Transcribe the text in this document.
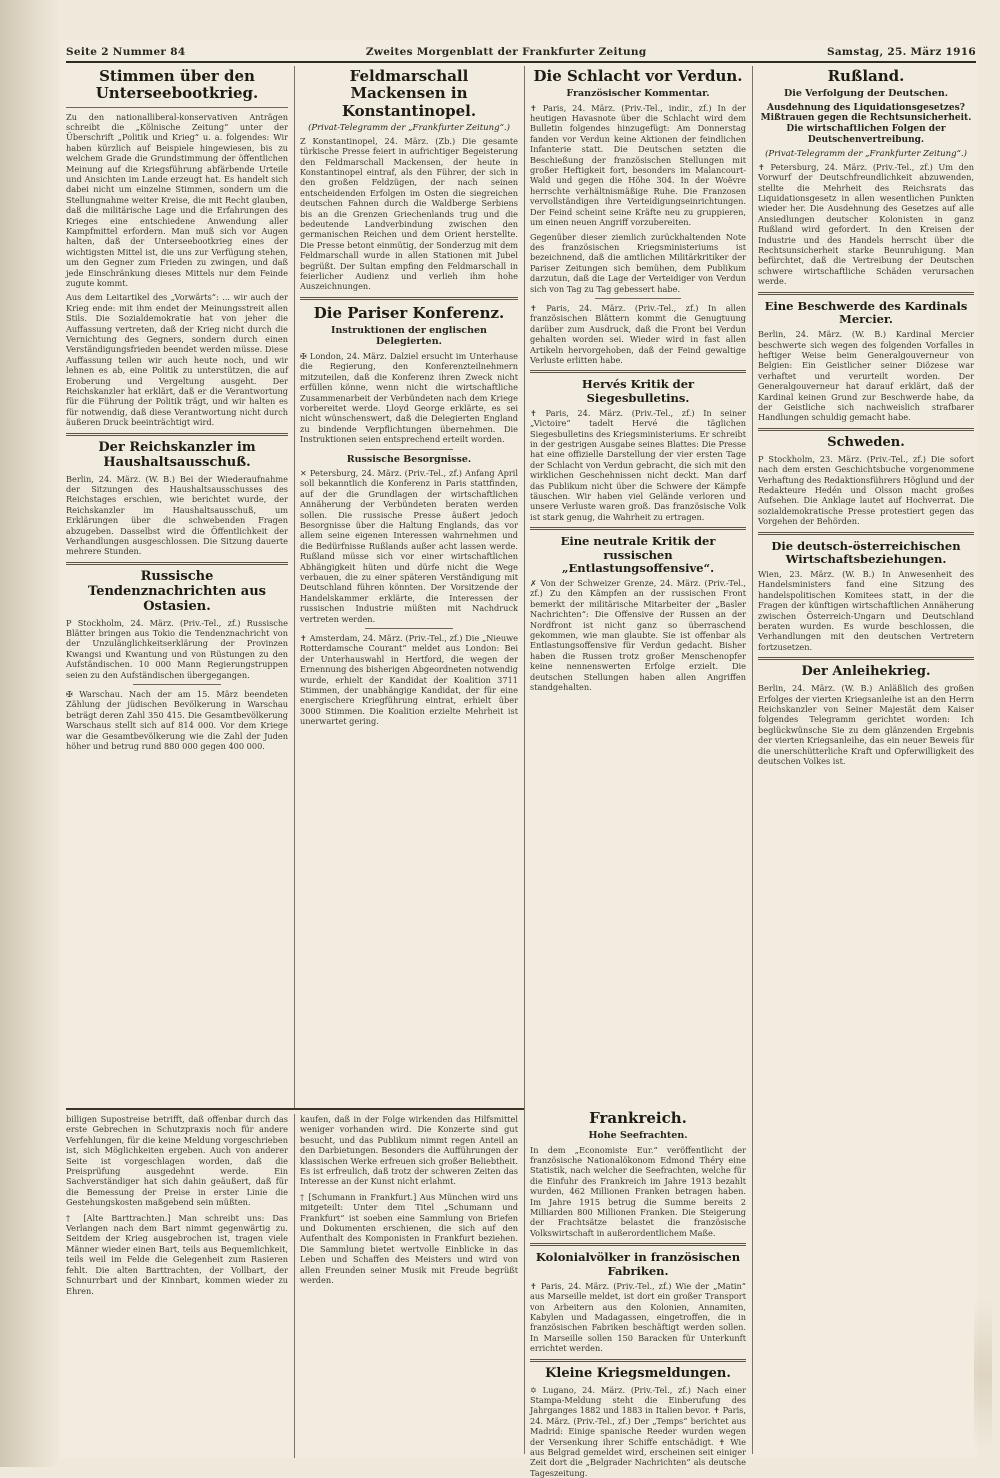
Seite 2 Nummer 84	Zweites Morgenblatt der Frankfurter Zeitung	Samstag, 25. März 1916
Stimmen über den Unterseebootkrieg.

Zu den nationalliberal-konservativen Anträgen schreibt die „Kölnische Zeitung“ unter der Überschrift „Politik und Krieg“ u. a. folgendes: Wir haben kürzlich auf Beispiele hingewiesen, bis zu welchem Grade die Grundstimmung der öffentlichen Meinung auf die Kriegsführung abfärbende Urteile und Ansichten im Lande erzeugt hat. Es handelt sich dabei nicht um einzelne Stimmen, sondern um die Stellungnahme weiter Kreise, die mit Recht glauben, daß die militärische Lage und die Erfahrungen des Krieges eine entschiedene Anwendung aller Kampfmittel erfordern. Man muß sich vor Augen halten, daß der Unterseebootkrieg eines der wichtigsten Mittel ist, die uns zur Verfügung stehen, um den Gegner zum Frieden zu zwingen, und daß jede Einschränkung dieses Mittels nur dem Feinde zugute kommt.

Aus dem Leitartikel des „Vorwärts“: ... wir auch der Krieg ende: mit ihm endet der Meinungsstreit allen Stils. Die Sozialdemokratie hat von jeher die Auffassung vertreten, daß der Krieg nicht durch die Vernichtung des Gegners, sondern durch einen Verständigungsfrieden beendet werden müsse. Diese Auffassung teilen wir auch heute noch, und wir lehnen es ab, eine Politik zu unterstützen, die auf Eroberung und Vergeltung ausgeht. Der Reichskanzler hat erklärt, daß er die Verantwortung für die Führung der Politik trägt, und wir halten es für notwendig, daß diese Verantwortung nicht durch äußeren Druck beeinträchtigt wird.

Der Reichskanzler im Haushaltsausschuß.

Berlin, 24. März. (W. B.) Bei der Wiederaufnahme der Sitzungen des Haushaltsausschusses des Reichstages erschien, wie berichtet wurde, der Reichskanzler im Haushaltsausschuß, um Erklärungen über die schwebenden Fragen abzugeben. Dasselbst wird die Öffentlichkeit der Verhandlungen ausgeschlossen. Die Sitzung dauerte mehrere Stunden.

Russische Tendenznachrichten aus Ostasien.

P Stockholm, 24. März. (Priv.-Tel., zf.) Russische Blätter bringen aus Tokio die Tendenznachricht von der Unzulänglichkeitserklärung der Provinzen Kwangsi und Kwantung und von Rüstungen zu den Aufständischen. 10 000 Mann Regierungstruppen seien zu den Aufständischen übergegangen.

✠ Warschau. Nach der am 15. März beendeten Zählung der jüdischen Bevölkerung in Warschau beträgt deren Zahl 350 415. Die Gesamtbevölkerung Warschaus stellt sich auf 814 000. Vor dem Kriege war die Gesamtbevölkerung wie die Zahl der Juden höher und betrug rund 880 000 gegen 400 000.

Feldmarschall Mackensen in Konstantinopel.
(Privat-Telegramm der „Frankfurter Zeitung“.)

Z Konstantinopel, 24. März. (Zb.) Die gesamte türkische Presse feiert in aufrichtiger Begeisterung den Feldmarschall Mackensen, der heute in Konstantinopel eintraf, als den Führer, der sich in den großen Feldzügen, der nach seinen entscheidenden Erfolgen im Osten die siegreichen deutschen Fahnen durch die Waldberge Serbiens bis an die Grenzen Griechenlands trug und die bedeutende Landverbindung zwischen den germanischen Reichen und dem Orient herstellte. Die Presse betont einmütig, der Sonderzug mit dem Feldmarschall wurde in allen Stationen mit Jubel begrüßt. Der Sultan empfing den Feldmarschall in feierlicher Audienz und verlieh ihm hohe Auszeichnungen.

Die Pariser Konferenz.
Instruktionen der englischen Delegierten.

✠ London, 24. März. Dalziel ersucht im Unterhause die Regierung, den Konferenzteilnehmern mitzuteilen, daß die Konferenz ihren Zweck nicht erfüllen könne, wenn nicht die wirtschaftliche Zusammenarbeit der Verbündeten nach dem Kriege vorbereitet werde. Lloyd George erklärte, es sei nicht wünschenswert, daß die Delegierten England zu bindende Verpflichtungen übernehmen. Die Instruktionen seien entsprechend erteilt worden.

Russische Besorgnisse.

✕ Petersburg, 24. März. (Priv.-Tel., zf.) Anfang April soll bekanntlich die Konferenz in Paris stattfinden, auf der die Grundlagen der wirtschaftlichen Annäherung der Verbündeten beraten werden sollen. Die russische Presse äußert jedoch Besorgnisse über die Haltung Englands, das vor allem seine eigenen Interessen wahrnehmen und die Bedürfnisse Rußlands außer acht lassen werde. Rußland müsse sich vor einer wirtschaftlichen Abhängigkeit hüten und dürfe nicht die Wege verbauen, die zu einer späteren Verständigung mit Deutschland führen könnten. Der Vorsitzende der Handelskammer erklärte, die Interessen der russischen Industrie müßten mit Nachdruck vertreten werden.

✝ Amsterdam, 24. März. (Priv.-Tel., zf.) Die „Nieuwe Rotterdamsche Courant“ meldet aus London: Bei der Unterhauswahl in Hertford, die wegen der Ernennung des bisherigen Abgeordneten notwendig wurde, erhielt der Kandidat der Koalition 3711 Stimmen, der unabhängige Kandidat, der für eine energischere Kriegführung eintrat, erhielt über 3000 Stimmen. Die Koalition erzielte Mehrheit ist unerwartet gering.

Die Schlacht vor Verdun.
Französischer Kommentar.

✝ Paris, 24. März. (Priv.-Tel., indir., zf.) In der heutigen Havasnote über die Schlacht wird dem Bulletin folgendes hinzugefügt: Am Donnerstag fanden vor Verdun keine Aktionen der feindlichen Infanterie statt. Die Deutschen setzten die Beschießung der französischen Stellungen mit großer Heftigkeit fort, besonders im Malancourt-Wald und gegen die Höhe 304. In der Woëvre herrschte verhältnismäßige Ruhe. Die Franzosen vervollständigen ihre Verteidigungseinrichtungen. Der Feind scheint seine Kräfte neu zu gruppieren, um einen neuen Angriff vorzubereiten.

Gegenüber dieser ziemlich zurückhaltenden Note des französischen Kriegsministeriums ist bezeichnend, daß die amtlichen Militärkritiker der Pariser Zeitungen sich bemühen, dem Publikum darzutun, daß die Lage der Verteidiger von Verdun sich von Tag zu Tag gebessert habe.

✝ Paris, 24. März. (Priv.-Tel., zf.) In allen französischen Blättern kommt die Genugtuung darüber zum Ausdruck, daß die Front bei Verdun gehalten worden sei. Wieder wird in fast allen Artikeln hervorgehoben, daß der Feind gewaltige Verluste erlitten habe.

Hervés Kritik der Siegesbulletins.

✝ Paris, 24. März. (Priv.-Tel., zf.) In seiner „Victoire“ tadelt Hervé die täglichen Siegesbulletins des Kriegsministeriums. Er schreibt in der gestrigen Ausgabe seines Blattes: Die Presse hat eine offizielle Darstellung der vier ersten Tage der Schlacht von Verdun gebracht, die sich mit den wirklichen Geschehnissen nicht deckt. Man darf das Publikum nicht über die Schwere der Kämpfe täuschen. Wir haben viel Gelände verloren und unsere Verluste waren groß. Das französische Volk ist stark genug, die Wahrheit zu ertragen.

Eine neutrale Kritik der russischen „Entlastungsoffensive“.

✗ Von der Schweizer Grenze, 24. März. (Priv.-Tel., zf.) Zu den Kämpfen an der russischen Front bemerkt der militärische Mitarbeiter der „Basler Nachrichten“: Die Offensive der Russen an der Nordfront ist nicht ganz so überraschend gekommen, wie man glaubte. Sie ist offenbar als Entlastungsoffensive für Verdun gedacht. Bisher haben die Russen trotz großer Menschenopfer keine nennenswerten Erfolge erzielt. Die deutschen Stellungen haben allen Angriffen standgehalten.

Rußland.
Die Verfolgung der Deutschen.
Ausdehnung des Liquidationsgesetzes? Mißtrauen gegen die Rechtsunsicherheit. Die wirtschaftlichen Folgen der Deutschenvertreibung.
(Privat-Telegramm der „Frankfurter Zeitung“.)

✝ Petersburg, 24. März. (Priv.-Tel., zf.) Um den Vorwurf der Deutschfreundlichkeit abzuwenden, stellte die Mehrheit des Reichsrats das Liquidationsgesetz in allen wesentlichen Punkten wieder her. Die Ausdehnung des Gesetzes auf alle Ansiedlungen deutscher Kolonisten in ganz Rußland wird gefordert. In den Kreisen der Industrie und des Handels herrscht über die Rechtsunsicherheit starke Beunruhigung. Man befürchtet, daß die Vertreibung der Deutschen schwere wirtschaftliche Schäden verursachen werde.

Eine Beschwerde des Kardinals Mercier.

Berlin, 24. März. (W. B.) Kardinal Mercier beschwerte sich wegen des folgenden Vorfalles in heftiger Weise beim Generalgouverneur von Belgien: Ein Geistlicher seiner Diözese war verhaftet und verurteilt worden. Der Generalgouverneur hat darauf erklärt, daß der Kardinal keinen Grund zur Beschwerde habe, da der Geistliche sich nachweislich strafbarer Handlungen schuldig gemacht habe.

Schweden.

P Stockholm, 23. März. (Priv.-Tel., zf.) Die sofort nach dem ersten Geschichtsbuche vorgenommene Verhaftung des Redaktionsführers Höglund und der Redakteure Hedén und Olsson macht großes Aufsehen. Die Anklage lautet auf Hochverrat. Die sozialdemokratische Presse protestiert gegen das Vorgehen der Behörden.

Die deutsch-österreichischen Wirtschaftsbeziehungen.

Wien, 23. März. (W. B.) In Anwesenheit des Handelsministers fand eine Sitzung des handelspolitischen Komitees statt, in der die Fragen der künftigen wirtschaftlichen Annäherung zwischen Österreich-Ungarn und Deutschland beraten wurden. Es wurde beschlossen, die Verhandlungen mit den deutschen Vertretern fortzusetzen.

Der Anleihekrieg.

Berlin, 24. März. (W. B.) Anläßlich des großen Erfolges der vierten Kriegsanleihe ist an den Herrn Reichskanzler von Seiner Majestät dem Kaiser folgendes Telegramm gerichtet worden: Ich beglückwünsche Sie zu dem glänzenden Ergebnis der vierten Kriegsanleihe, das ein neuer Beweis für die unerschütterliche Kraft und Opferwilligkeit des deutschen Volkes ist.

billigen Supostreise betrifft, daß offenbar durch das erste Gebrechen in Schutzpraxis noch für andere Verfehlungen, für die keine Meldung vorgeschrieben ist, sich Möglichkeiten ergeben. Auch von anderer Seite ist vorgeschlagen worden, daß die Preisprüfung ausgedehnt werde. Ein Sachverständiger hat sich dahin geäußert, daß für die Bemessung der Preise in erster Linie die Gestehungskosten maßgebend sein müßten.

† [Alte Barttrachten.] Man schreibt uns: Das Verlangen nach dem Bart nimmt gegenwärtig zu. Seitdem der Krieg ausgebrochen ist, tragen viele Männer wieder einen Bart, teils aus Bequemlichkeit, teils weil im Felde die Gelegenheit zum Rasieren fehlt. Die alten Barttrachten, der Vollbart, der Schnurrbart und der Kinnbart, kommen wieder zu Ehren.

kaufen, daß in der Folge wirkenden das Hilfsmittel weniger vorhanden wird. Die Konzerte sind gut besucht, und das Publikum nimmt regen Anteil an den Darbietungen. Besonders die Aufführungen der klassischen Werke erfreuen sich großer Beliebtheit. Es ist erfreulich, daß trotz der schweren Zeiten das Interesse an der Kunst nicht erlahmt.

† [Schumann in Frankfurt.] Aus München wird uns mitgeteilt: Unter dem Titel „Schumann und Frankfurt“ ist soeben eine Sammlung von Briefen und Dokumenten erschienen, die sich auf den Aufenthalt des Komponisten in Frankfurt beziehen. Die Sammlung bietet wertvolle Einblicke in das Leben und Schaffen des Meisters und wird von allen Freunden seiner Musik mit Freude begrüßt werden.

Frankreich.
Hohe Seefrachten.

In dem „Economiste Eur.“ veröffentlicht der französische Nationalökonom Edmond Théry eine Statistik, nach welcher die Seefrachten, welche für die Einfuhr des Frankreich im Jahre 1913 bezahlt wurden, 462 Millionen Franken betragen haben. Im Jahre 1915 betrug die Summe bereits 2 Milliarden 800 Millionen Franken. Die Steigerung der Frachtsätze belastet die französische Volkswirtschaft in außerordentlichem Maße.

Kolonialvölker in französischen Fabriken.

✝ Paris, 24. März. (Priv.-Tel., zf.) Wie der „Matin“ aus Marseille meldet, ist dort ein großer Transport von Arbeitern aus den Kolonien, Annamiten, Kabylen und Madagassen, eingetroffen, die in französischen Fabriken beschäftigt werden sollen. In Marseille sollen 150 Baracken für Unterkunft errichtet werden.

Kleine Kriegsmeldungen.

✡ Lugano, 24. März. (Priv.-Tel., zf.) Nach einer Stampa-Meldung steht die Einberufung des Jahrganges 1882 und 1883 in Italien bevor. ✝ Paris, 24. März. (Priv.-Tel., zf.) Der „Temps“ berichtet aus Madrid: Einige spanische Reeder wurden wegen der Versenkung ihrer Schiffe entschädigt. ✝ Wie aus Belgrad gemeldet wird, erscheinen seit einiger Zeit dort die „Belgrader Nachrichten“ als deutsche Tageszeitung.
